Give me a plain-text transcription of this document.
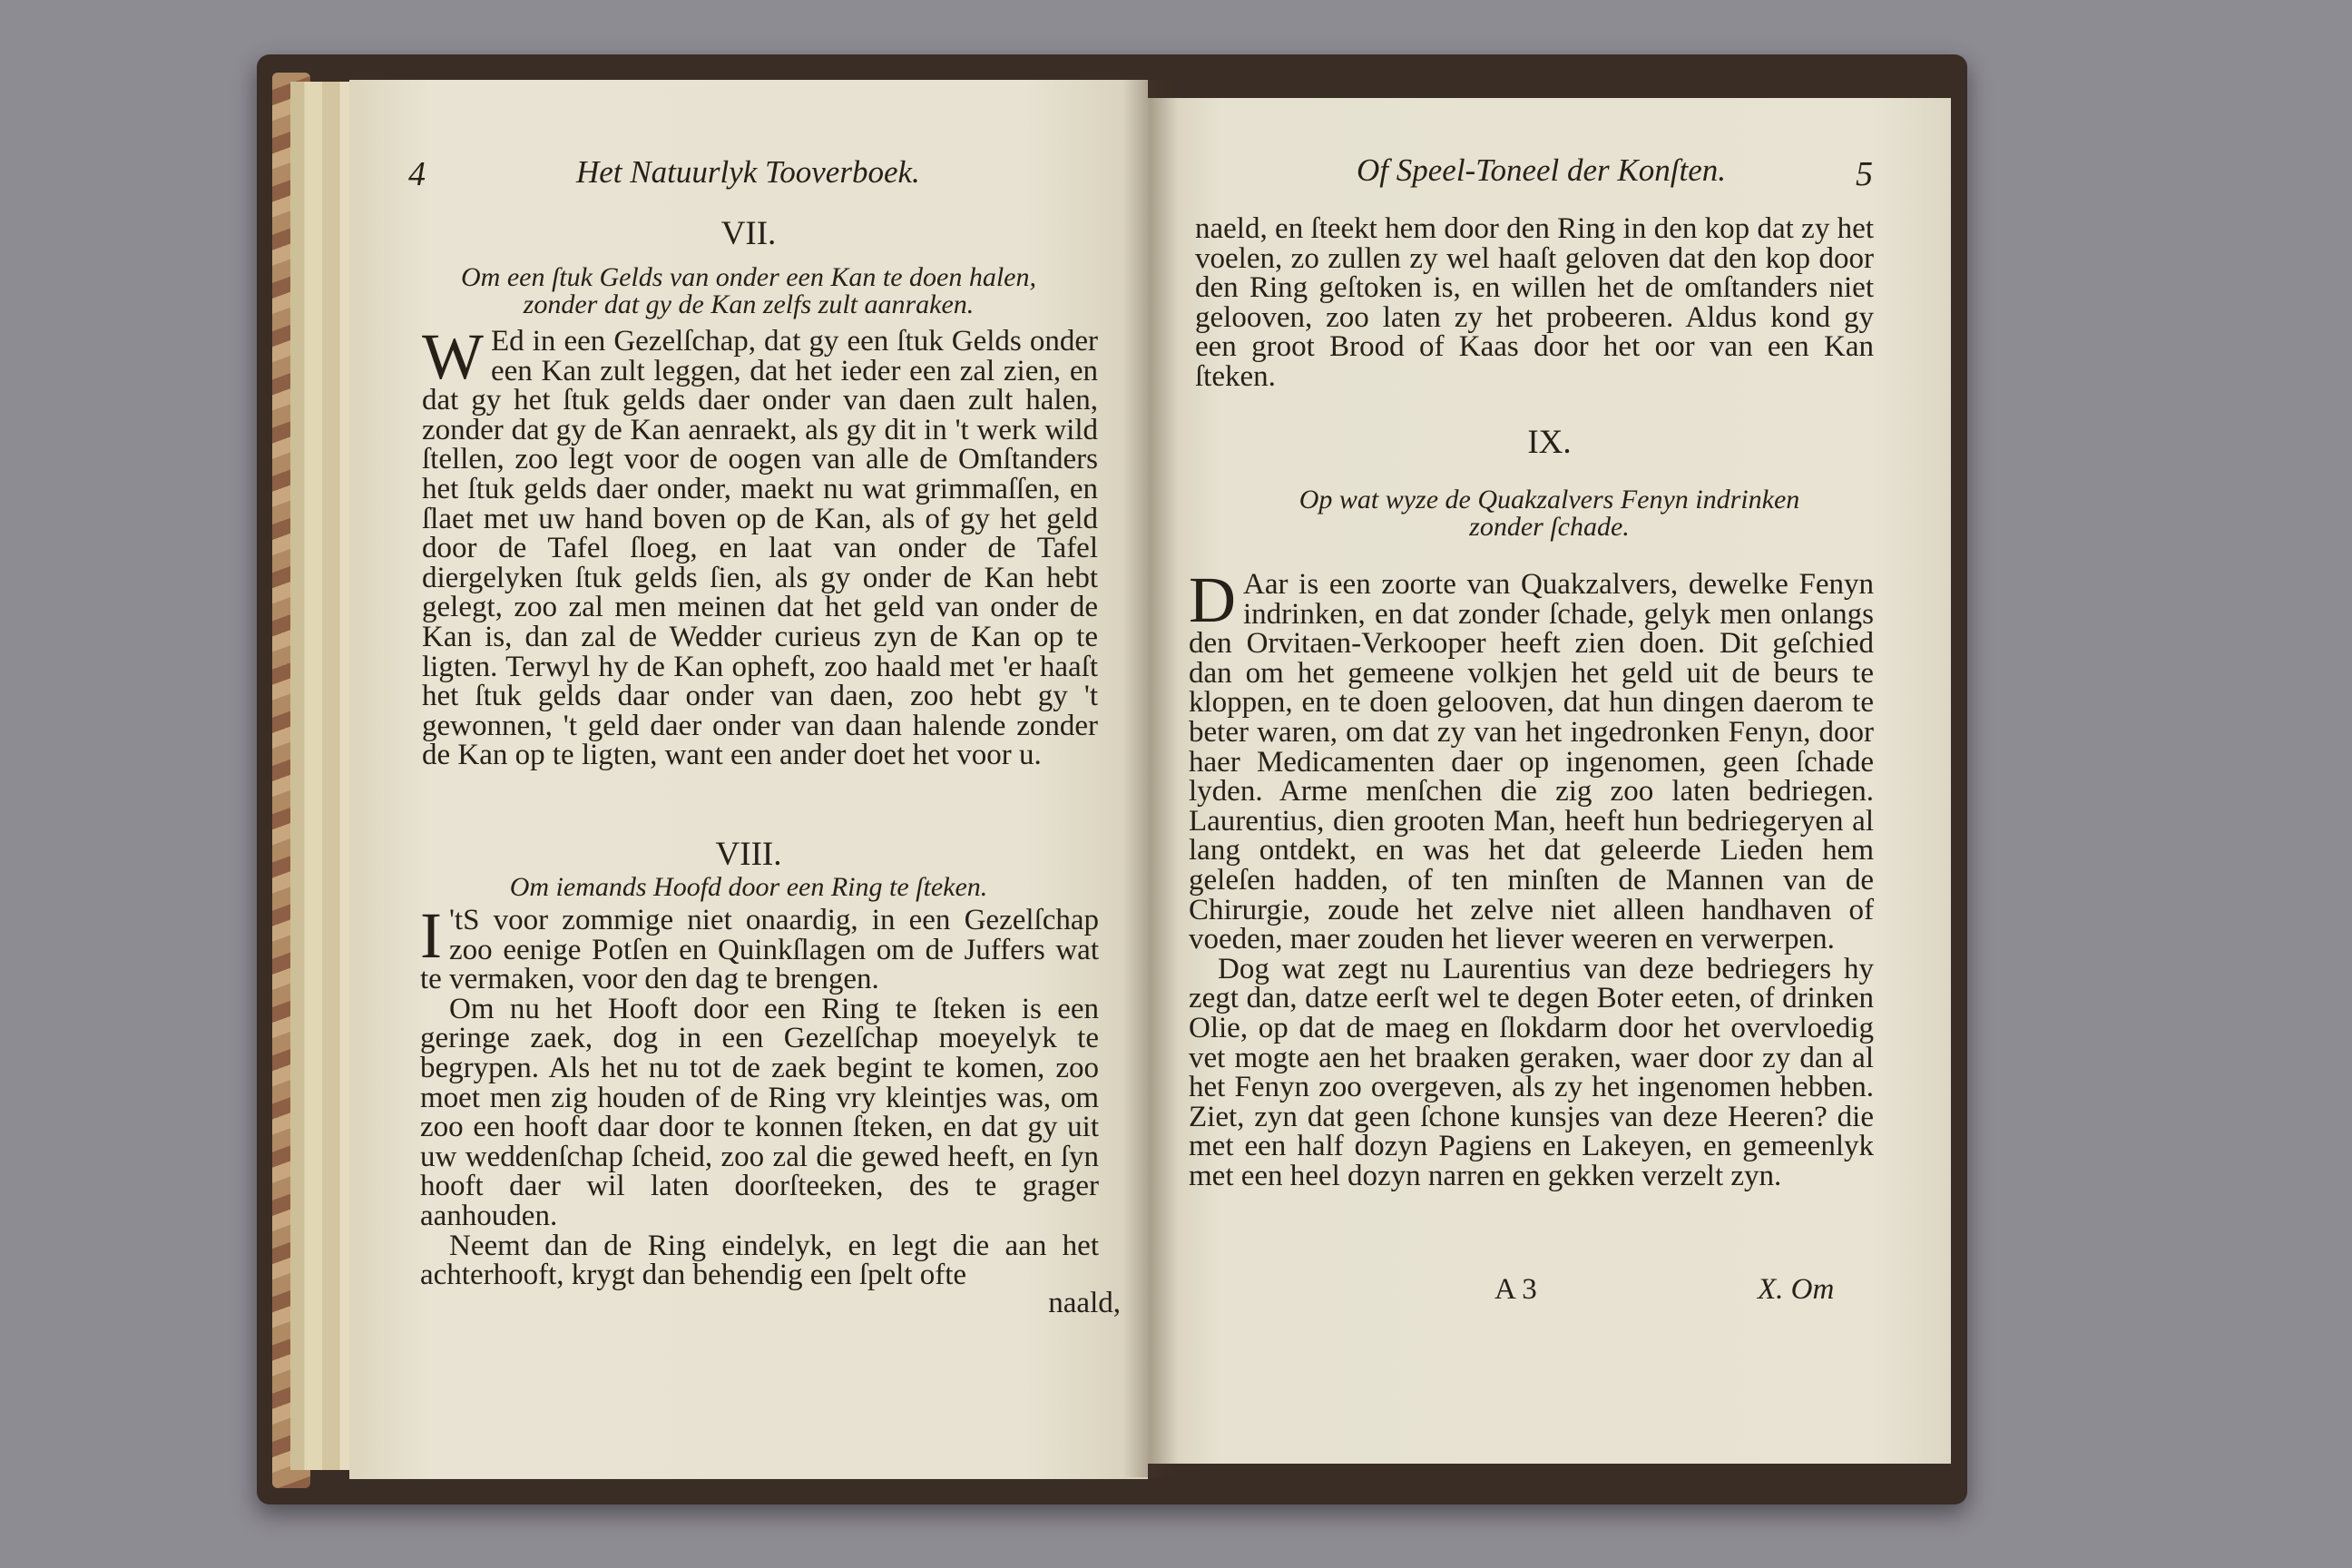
4	Het Natuurlyk Tooverboek.
VII.
Om een ſtuk Gelds van onder een Kan te doen halen,
zonder dat gy de Kan zelfs zult aanraken.

W Ed in een Gezelſchap, dat gy een ſtuk Gelds onder een Kan zult leggen, dat het ieder een zal zien, en dat gy het ſtuk gelds daer onder van daen zult halen, zonder dat gy de Kan aenraekt, als gy dit in 't werk wild ſtellen, zoo legt voor de oogen van alle de Omſtanders het ſtuk gelds daer onder, maekt nu wat grimmaſſen, en ſlaet met uw hand boven op de Kan, als of gy het geld door de Tafel ſloeg, en laat van onder de Tafel diergelyken ſtuk gelds ſien, als gy onder de Kan hebt gelegt, zoo zal men meinen dat het geld van onder de Kan is, dan zal de Wedder curieus zyn de Kan op te ligten. Terwyl hy de Kan opheft, zoo haald met 'er haaſt het ſtuk gelds daar onder van daen, zoo hebt gy 't gewonnen, 't geld daer onder van daan halende zonder de Kan op te ligten, want een ander doet het voor u.

VIII.
Om iemands Hoofd door een Ring te ſteken.

't
I S voor zommige niet onaardig, in een Gezelſchap zoo eenige Potſen en Quinkſlagen om de Juffers wat te vermaken, voor den dag te brengen.

Om nu het Hooft door een Ring te ſteken is een geringe zaek, dog in een Gezelſchap moeyelyk te begrypen. Als het nu tot de zaek begint te komen, zoo moet men zig houden of de Ring vry kleintjes was, om zoo een hooft daar door te konnen ſteken, en dat gy uit uw weddenſchap ſcheid, zoo zal die gewed heeft, en ſyn hooft daer wil laten doorſteeken, des te grager aanhouden.

Neemt dan de Ring eindelyk, en legt die aan het achterhooft, krygt dan behendig een ſpelt ofte

naald,
Of Speel-Toneel der Konſten.	5

naeld, en ſteekt hem door den Ring in den kop dat zy het voelen, zo zullen zy wel haaſt geloven dat den kop door den Ring geſtoken is, en willen het de omſtanders niet gelooven, zoo laten zy het probeeren. Aldus kond gy een groot Brood of Kaas door het oor van een Kan ſteken.

IX.
Op wat wyze de Quakzalvers Fenyn indrinken
zonder ſchade.

D Aar is een zoorte van Quakzalvers, dewelke Fenyn indrinken, en dat zonder ſchade, gelyk men onlangs den Orvitaen-Verkooper heeft zien doen. Dit geſchied dan om het gemeene volkjen het geld uit de beurs te kloppen, en te doen gelooven, dat hun dingen daerom te beter waren, om dat zy van het ingedronken Fenyn, door haer Medicamenten daer op ingenomen, geen ſchade lyden. Arme menſchen die zig zoo laten bedriegen. Laurentius, dien grooten Man, heeft hun bedriegeryen al lang ontdekt, en was het dat geleerde Lieden hem geleſen hadden, of ten minſten de Mannen van de Chirurgie, zoude het zelve niet alleen handhaven of voeden, maer zouden het liever weeren en verwerpen.

Dog wat zegt nu Laurentius van deze bedriegers hy zegt dan, datze eerſt wel te degen Boter eeten, of drinken Olie, op dat de maeg en ſlokdarm door het overvloedig vet mogte aen het braaken geraken, waer door zy dan al het Fenyn zoo overgeven, als zy het ingenomen hebben. Ziet, zyn dat geen ſchone kunsjes van deze Heeren? die met een half dozyn Pagiens en Lakeyen, en gemeenlyk met een heel dozyn narren en gekken verzelt zyn.

A 3	X. Om
